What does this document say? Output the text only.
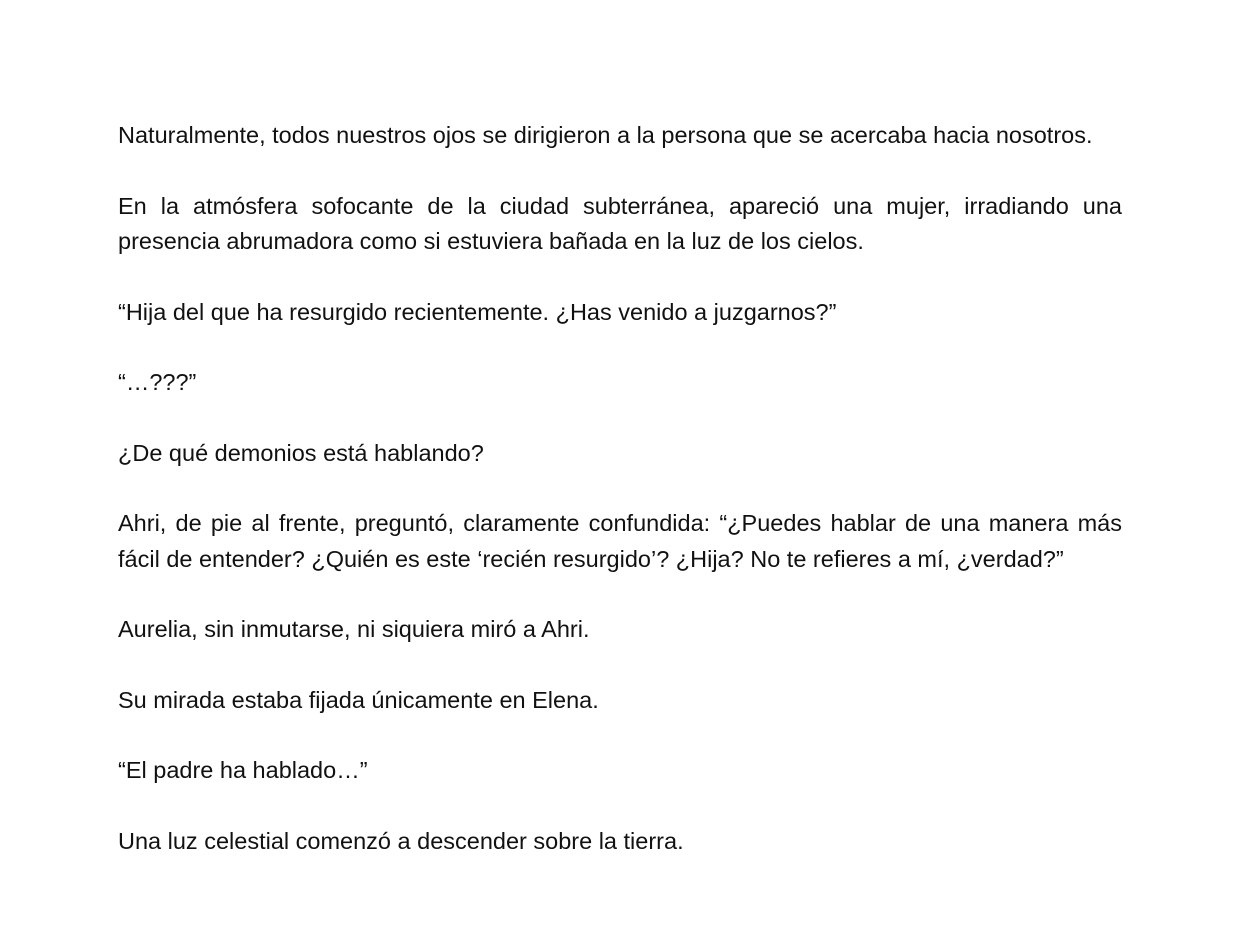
Naturalmente, todos nuestros ojos se dirigieron a la persona que se acercaba hacia nosotros.

En la atmósfera sofocante de la ciudad subterránea, apareció una mujer, irradiando una presencia abrumadora como si estuviera bañada en la luz de los cielos.

“Hija del que ha resurgido recientemente. ¿Has venido a juzgarnos?”

“…???”

¿De qué demonios está hablando?

Ahri, de pie al frente, preguntó, claramente confundida: “¿Puedes hablar de una manera más fácil de entender? ¿Quién es este ‘recién resurgido’? ¿Hija? No te refieres a mí, ¿verdad?”

Aurelia, sin inmutarse, ni siquiera miró a Ahri.

Su mirada estaba fijada únicamente en Elena.

“El padre ha hablado…”

Una luz celestial comenzó a descender sobre la tierra.
